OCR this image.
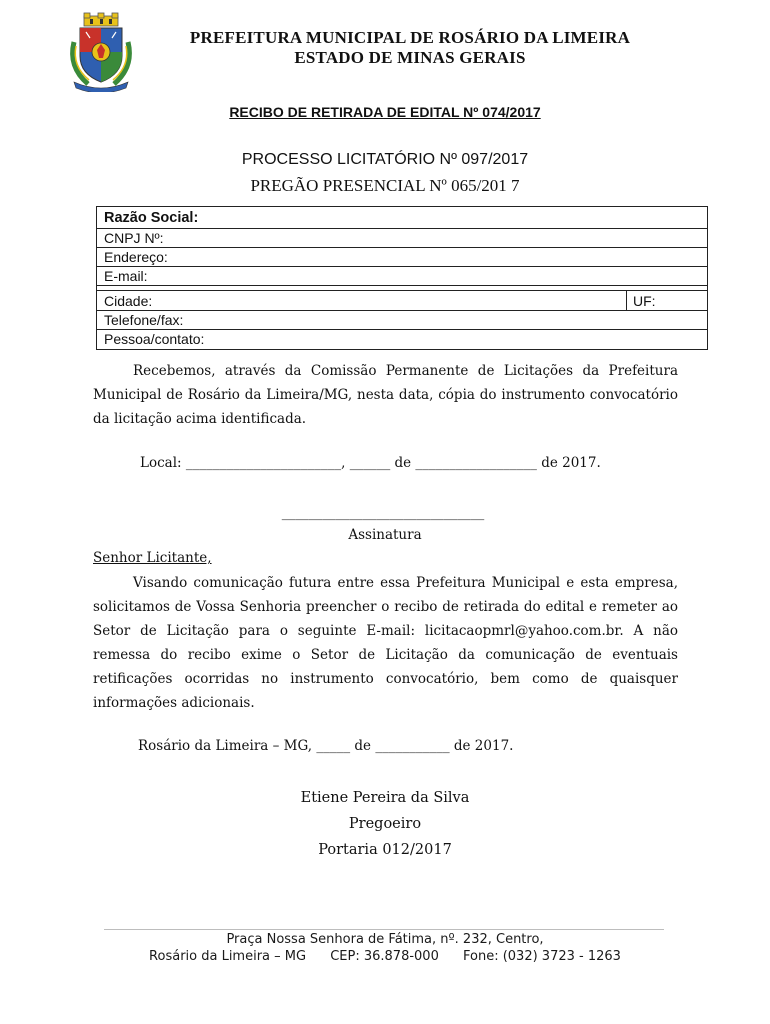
PREFEITURA MUNICIPAL DE ROSÁRIO DA LIMEIRA
ESTADO DE MINAS GERAIS
RECIBO DE RETIRADA DE EDITAL Nº 074/2017
PROCESSO LICITATÓRIO Nº 097/2017
PREGÃO PRESENCIAL Nº 065/201 7
Razão Social:
CNPJ Nº:
Endereço:
E-mail:
Cidade:	UF:
Telefone/fax:
Pessoa/contato:
Recebemos, através da Comissão Permanente de Licitações da Prefeitura Municipal de Rosário da Limeira/MG, nesta data, cópia do instrumento convocatório da licitação acima identificada.
Local: _______________________, ______ de __________________ de 2017.
______________________________
Assinatura
Senhor Licitante,
Visando comunicação futura entre essa Prefeitura Municipal e esta empresa, solicitamos de Vossa Senhoria preencher o recibo de retirada do edital e remeter ao Setor de Licitação para o seguinte E-mail: licitacaopmrl@yahoo.com.br. A não remessa do recibo exime o Setor de Licitação da comunicação de eventuais retificações ocorridas no instrumento convocatório, bem como de quaisquer informações adicionais.
Rosário da Limeira – MG, _____ de ___________ de 2017.
Etiene Pereira da Silva
Pregoeiro
Portaria 012/2017
Praça Nossa Senhora de Fátima, nº. 232, Centro,
Rosário da Limeira – MG CEP: 36.878-000 Fone: (032) 3723 - 1263
